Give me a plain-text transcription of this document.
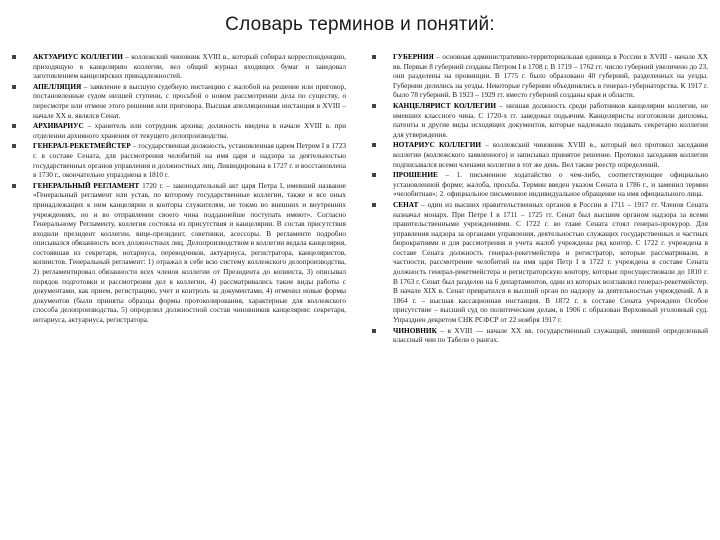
Словарь терминов и понятий:
АКТУАРИУС КОЛЛЕГИИ – коллежский чиновник XVIII в., который собирал корреспонденцию, приходящую в канцелярию коллегии, вел общий журнал входящих бумаг и заведовал заготовлением канцелярских принадлежностей.
АПЕЛЛЯЦИЯ – заявление в высшую судебную инстанцию с жалобой на решение или приговор, постановленные судом низшей ступени, с просьбой о новом рассмотрении дела по существу, о пересмотре или отмене этого решения или приговора. Высшая апелляционная инстанция в XVIII – начале XX в. являлся Сенат.
АРХИВАРИУС – хранитель или сотрудник архива; должность введена в начале XVIII в. при отделении архивного хранения от текущего делопроизводства.
ГЕНЕРАЛ-РЕКЕТМЕЙСТЕР – государственная должность, установленная царем Петром I в 1723 г. в составе Сената, для рассмотрения челобитий на имя царя и надзора за деятельностью государственных органов управления и должностных лиц. Ликвидирована в 1727 г. и восстановлена в 1730 г., окончательно упразднена в 1810 г.
ГЕНЕРАЛЬНЫЙ РЕГЛАМЕНТ 1720 г. – законодательный акт царя Петра I, имевший название «Генеральный регламент или устав, по которому государственные коллегии, также и все оных принадлежащих к ним канцелярии и конторы служителям, не токмо во внешних и внутренних учреждениях, но и во отправлении своего чина подданнейше поступать имеют». Согласно Генеральному Регламенту, коллегия состояла из присутствия и канцелярии. В состав присутствия входили президент коллегии, вице-президент, советники, асессоры. В регламенте подробно описывался обязанность всех должностных лиц. Делопроизводством в коллегии ведала канцелярия, состоявшая из секретаря, нотариуса, переводчиков, актуариуса, регистратора, канцеляристов, копиистов. Генеральный регламент: 1) отражал в себе всю систему коллежского делопроизводства, 2) регламентировал обязанности всех членов коллегии от Президента до копииста, 3) описывал порядок подготовки и рассмотрения дел в коллегии, 4) рассматривались такие виды работы с документами, как прием, регистрацию, учет и контроль за документами, 4) отменил новые формы документов (были приняты образцы формы протоколирования, характерные для коллежского способа делопроизводства, 5) определил должностной состав чиновников канцелярии: секретаря, нотариуса, актуариуса, регистратора.
ГУБЕРНИЯ – основная административно-территориальная единица в России в XVIII - начале XX вв. Первые 8 губерний созданы Петром I в 1708 г. В 1719 – 1762 гг. число губерний увеличено до 23, они разделены на провинции. В 1775 г. было образовано 40 губерний, разделенных на уезды. Губернии делились на уезды. Некоторые губернии объединялись в генерал-губернаторства. К 1917 г. было 78 губерний. В 1923 – 1929 гг. вместо губерний созданы края и области.
КАНЦЕЛЯРИСТ КОЛЛЕГИИ – низшая должность среди работников канцелярии коллегии, не имевших классного чина. С 1720-х гг. заведовал подьячим. Канцеляристы изготовляли дипломы, патенты и другие виды исходящих документов, которые надлежало подавать секретарю коллегии для утверждения.
НОТАРИУС КОЛЛЕГИИ – коллежский чиновник XVIII в., который вел протокол заседания коллегии (коллежского заявленного) и записывал принятое решение. Протокол заседания коллегии подписывался всеми членами коллегии в тот же день. Вел также реестр определений.
ПРОШЕНИЕ – 1. письменное ходатайство о чем-либо, соответствующее официально установленной форме; жалоба, просьба. Термин введен указом Сената в 1786 г., и заменил термин «челобитная»; 2. официальное письменное индивидуальное обращение на имя официального лица.
СЕНАТ – один из высших правительственных органов в России в 1711 – 1917 гг. Членов Сената назначал монарх. При Петре I в 1711 – 1725 гг. Сенат был высшим органом надзора за всеми правительственными учреждениями. С 1722 г. во главе Сената стоял генерал-прокурор. Для управления надзора за органами управления, деятельностью служащих государственных и частных бюрократиями и для рассмотрения и учета жалоб учреждены ряд контор. С 1722 г. учреждена в составе Сената должность генерал-рекетмейстера и регистратор, которые рассматривали, в частности, рассмотрение челобитий на имя царя Петр I в 1722 г. учреждена в составе Сената должность генерал-рекетмейстера и регистраторскую контору, которые просуществовали до 1810 г. В 1763 г. Сенат был разделен на 6 департаментов, один из которых возглавлял генерал-рекетмейстер. В начале XIX в. Сенат превратился в высший орган по надзору за деятельностью учреждений. А в 1864 г. – высшая кассационная инстанция. В 1872 г. в составе Сената учреждено Особое присутствие – высший суд по политическим делам, в 1906 г. образован Верховный уголовный суд. Упразднен декретом СНК РСФСР от 22 ноября 1917 г.
ЧИНОВНИК – в XVIII — начале XX вв. государственный служащий, имевший определенный классный чин по Табели о рангах.
